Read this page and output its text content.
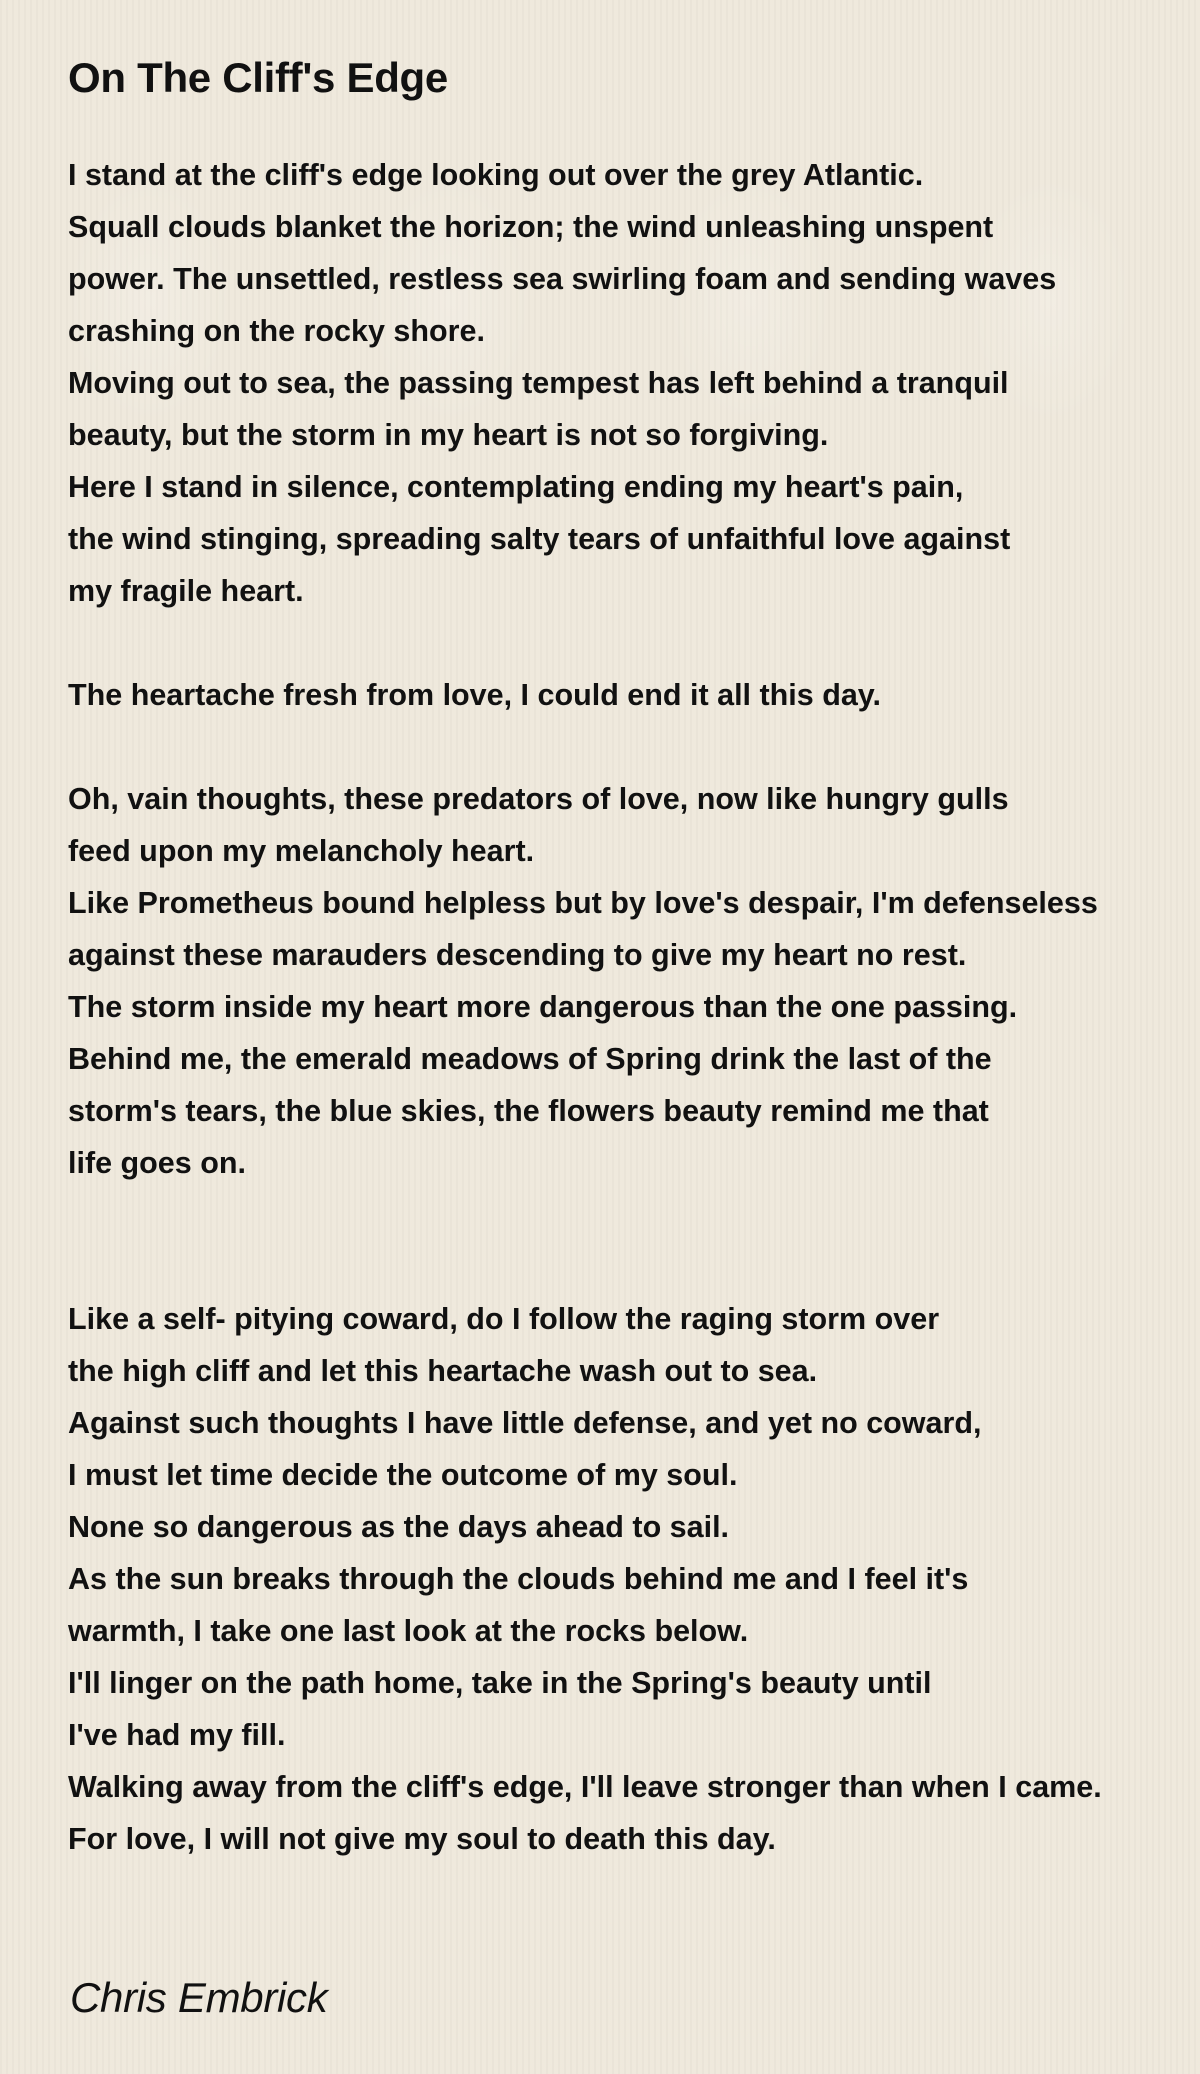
On The Cliff's Edge
I stand at the cliff's edge looking out over the grey Atlantic.
Squall clouds blanket the horizon; the wind unleashing unspent
power. The unsettled, restless sea swirling foam and sending waves
crashing on the rocky shore.
Moving out to sea, the passing tempest has left behind a tranquil
beauty, but the storm in my heart is not so forgiving.
Here I stand in silence, contemplating ending my heart's pain,
the wind stinging, spreading salty tears of unfaithful love against
my fragile heart.
The heartache fresh from love, I could end it all this day.
Oh, vain thoughts, these predators of love, now like hungry gulls
feed upon my melancholy heart.
Like Prometheus bound helpless but by love's despair, I'm defenseless
against these marauders descending to give my heart no rest.
The storm inside my heart more dangerous than the one passing.
Behind me, the emerald meadows of Spring drink the last of the
storm's tears, the blue skies, the flowers beauty remind me that
life goes on.
Like a self- pitying coward, do I follow the raging storm over
the high cliff and let this heartache wash out to sea.
Against such thoughts I have little defense, and yet no coward,
I must let time decide the outcome of my soul.
None so dangerous as the days ahead to sail.
As the sun breaks through the clouds behind me and I feel it's
warmth, I take one last look at the rocks below.
I'll linger on the path home, take in the Spring's beauty until
I've had my fill.
Walking away from the cliff's edge, I'll leave stronger than when I came.
For love, I will not give my soul to death this day.
Chris Embrick
